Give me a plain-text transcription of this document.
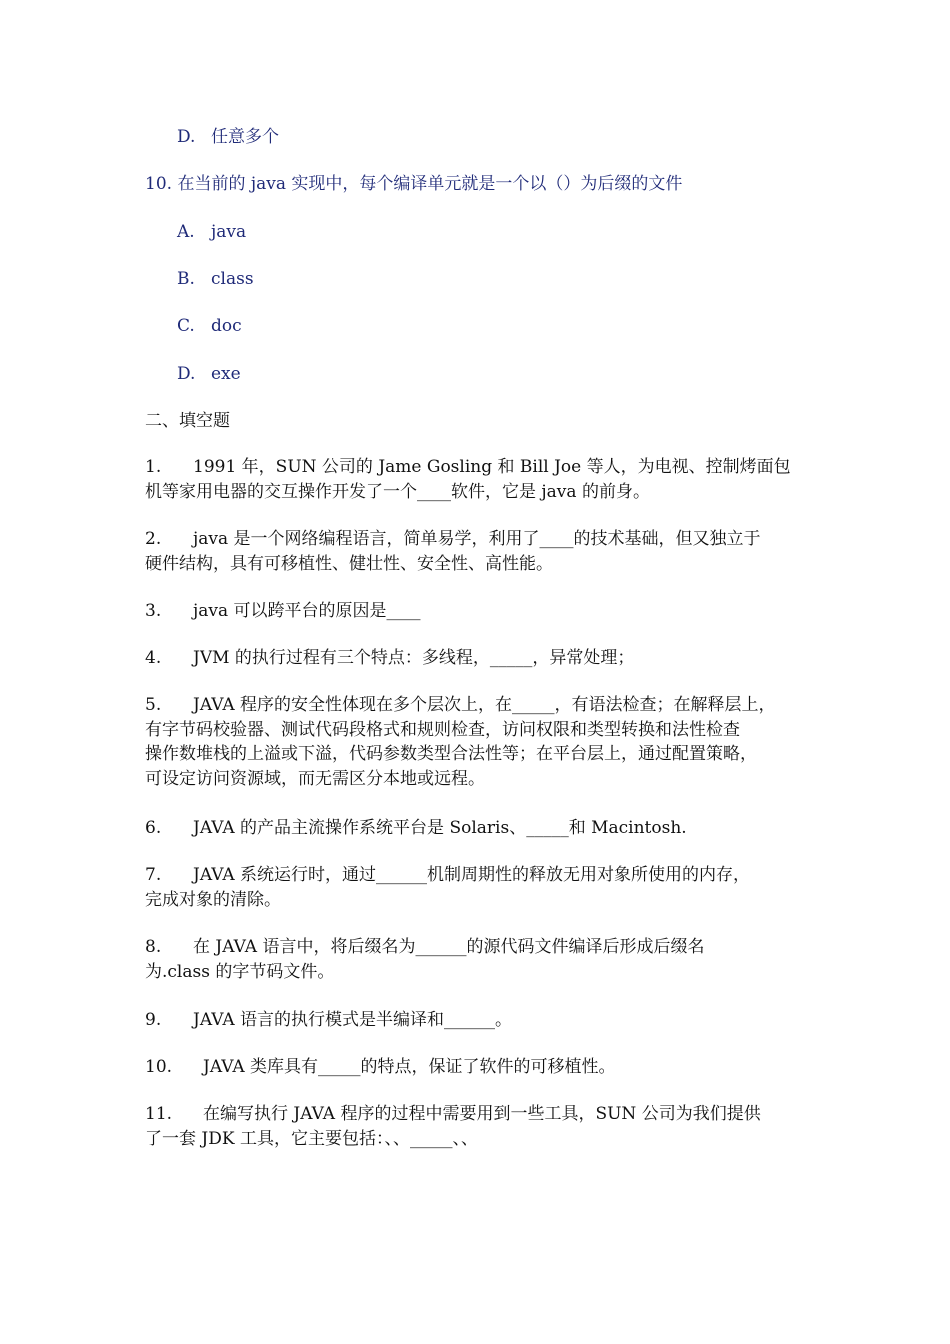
D. 任意多个
10. 在当前的 java 实现中，每个编译单元就是一个以（）为后缀的文件
A. java
B. class
C. doc
D. exe
二、填空题
1. 1991 年，SUN 公司的 Jame Gosling 和 Bill Joe 等人，为电视、控制烤面包
机等家用电器的交互操作开发了一个____软件，它是 java 的前身。
2. java 是一个网络编程语言，简单易学，利用了____的技术基础，但又独立于
硬件结构，具有可移植性、健壮性、安全性、高性能。
3. java 可以跨平台的原因是____
4. JVM 的执行过程有三个特点：多线程，_____，异常处理；
5. JAVA 程序的安全性体现在多个层次上，在_____，有语法检查；在解释层上，
有字节码校验器、测试代码段格式和规则检查，访问权限和类型转换和法性检查
操作数堆栈的上溢或下溢，代码参数类型合法性等；在平台层上，通过配置策略，
可设定访问资源域，而无需区分本地或远程。
6. JAVA 的产品主流操作系统平台是 Solaris、_____和 Macintosh.
7. JAVA 系统运行时，通过______机制周期性的释放无用对象所使用的内存，
完成对象的清除。
8. 在 JAVA 语言中，将后缀名为______的源代码文件编译后形成后缀名
为.class 的字节码文件。
9. JAVA 语言的执行模式是半编译和______。
10. JAVA 类库具有_____的特点，保证了软件的可移植性。
11. 在编写执行 JAVA 程序的过程中需要用到一些工具，SUN 公司为我们提供
了一套 JDK 工具，它主要包括：、、_____、、
